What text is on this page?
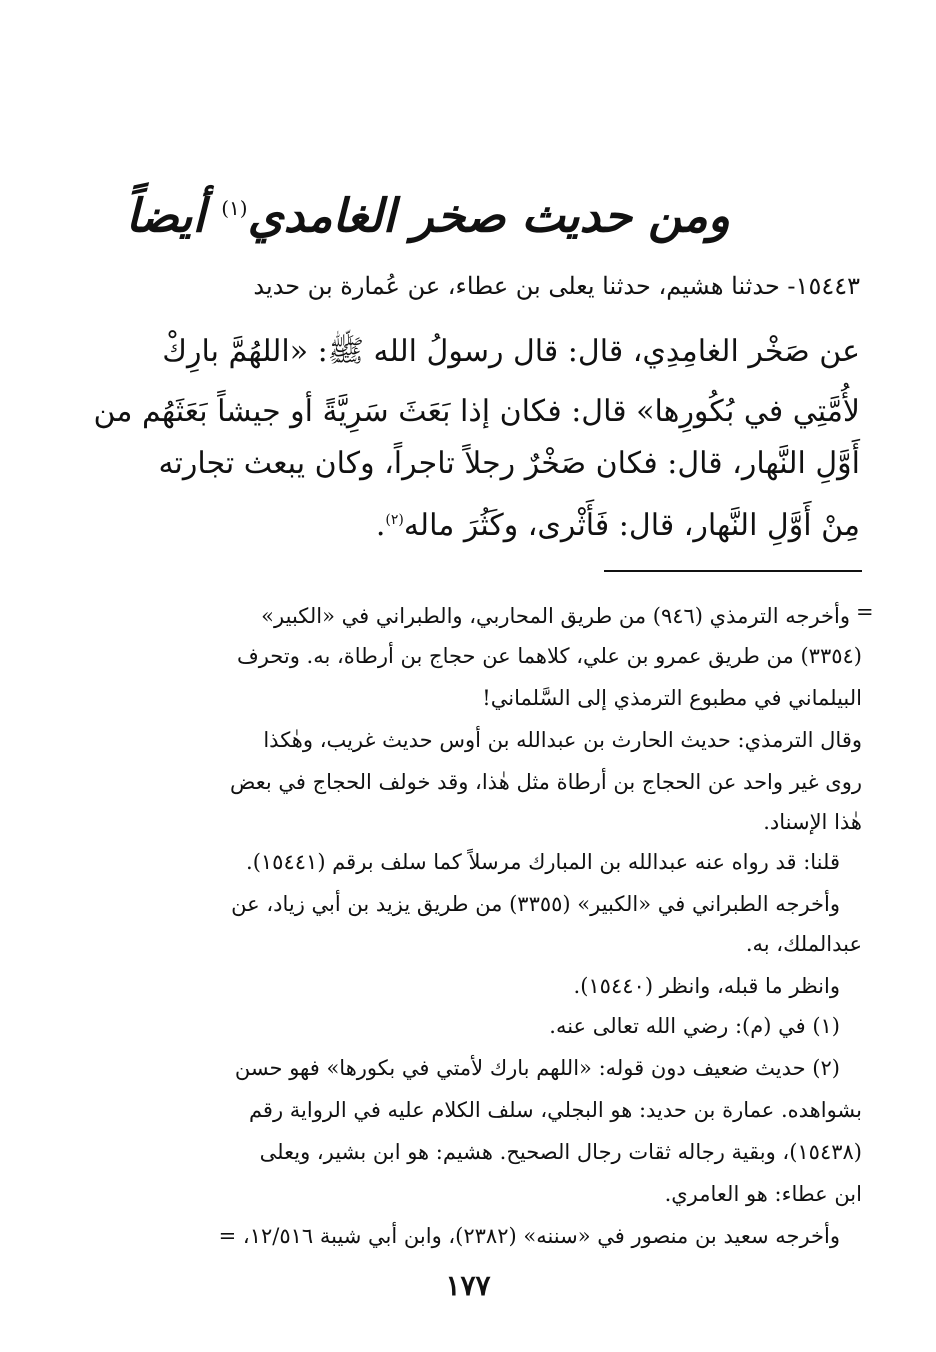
ومن حديث صخر الغامدي$^{(١)}$ أيضاً
١٥٤٤٣- حدثنا هشيم، حدثنا يعلى بن عطاء، عن عُمارة بن حديد
عن صَخْر الغامِدِي، قال: قال رسولُ الله ﷺ: «اللهُمَّ بارِكْ
لأُمَّتِي في بُكُورِها» قال: فكان إذا بَعَثَ سَرِيَّةً أو جيشاً بَعَثَهُم من
أَوَّلِ النَّهار، قال: فكان صَخْرٌ رجلاً تاجراً، وكان يبعث تجارته
مِنْ أَوَّلِ النَّهار، قال: فَأَثْرى، وكَثُرَ ماله$^{(٢)}$.
=
وأخرجه الترمذي (٩٤٦) من طريق المحاربي، والطبراني في «الكبير»
(٣٣٥٤) من طريق عمرو بن علي، كلاهما عن حجاج بن أرطاة، به. وتحرف
البيلماني في مطبوع الترمذي إلى السَّلماني!
وقال الترمذي: حديث الحارث بن عبدالله بن أوس حديث غريب، وهٰكذا
روى غير واحد عن الحجاج بن أرطاة مثل هٰذا، وقد خولف الحجاج في بعض
هٰذا الإسناد.
قلنا: قد رواه عنه عبدالله بن المبارك مرسلاً كما سلف برقم (١٥٤٤١).
وأخرجه الطبراني في «الكبير» (٣٣٥٥) من طريق يزيد بن أبي زياد، عن
عبدالملك، به.
وانظر ما قبله، وانظر (١٥٤٤٠).
(١) في (م): رضي الله تعالى عنه.
(٢) حديث ضعيف دون قوله: «اللهم بارك لأمتي في بكورها» فهو حسن
بشواهده. عمارة بن حديد: هو البجلي، سلف الكلام عليه في الرواية رقم
(١٥٤٣٨)، وبقية رجاله ثقات رجال الصحيح. هشيم: هو ابن بشير، ويعلى
ابن عطاء: هو العامري.
وأخرجه سعيد بن منصور في «سننه» (٢٣٨٢)، وابن أبي شيبة ١٢/٥١٦، =
١٧٧
